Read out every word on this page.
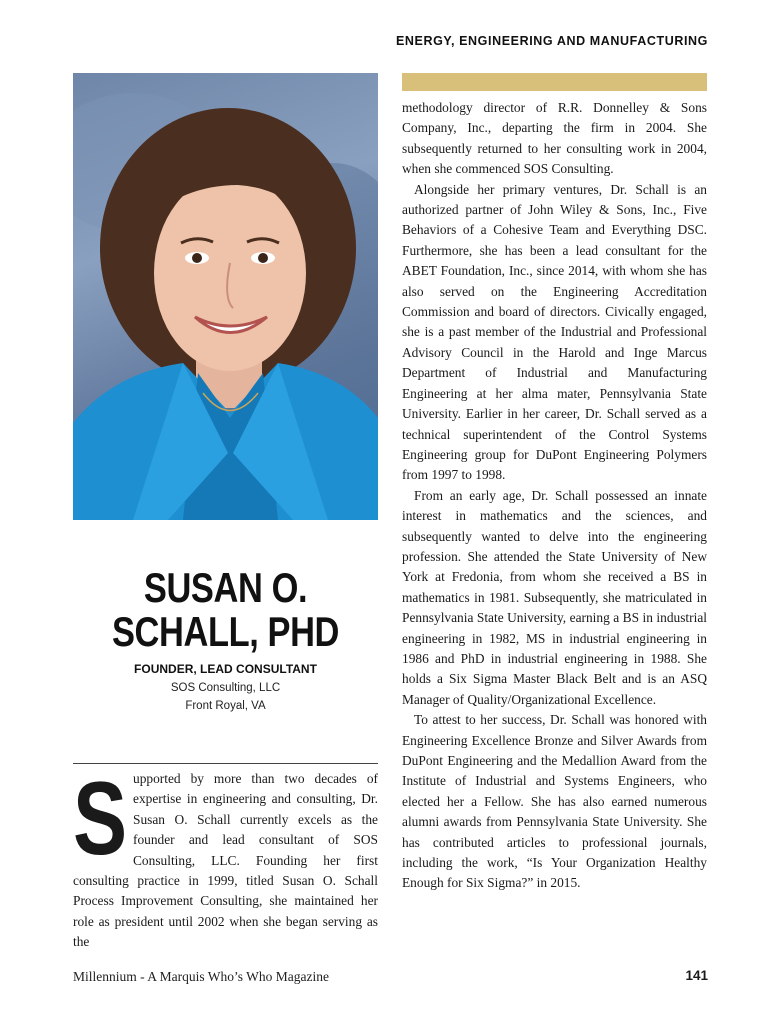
ENERGY, ENGINEERING AND MANUFACTURING
SUSAN O.
SCHALL, PHD
FOUNDER, LEAD CONSULTANT
SOS Consulting, LLC
Front Royal, VA
S upported by more than two decades of expertise in engineering and consulting, Dr. Susan O. Schall currently excels as the founder and lead consultant of SOS Consulting, LLC. Founding her first consulting practice in 1999, titled Susan O. Schall Process Improvement Consulting, she maintained her role as president until 2002 when she began serving as the

methodology director of R.R. Donnelley & Sons Company, Inc., departing the firm in 2004. She subsequently returned to her consulting work in 2004, when she commenced SOS Consulting.

Alongside her primary ventures, Dr. Schall is an authorized partner of John Wiley & Sons, Inc., Five Behaviors of a Cohesive Team and Everything DSC. Furthermore, she has been a lead consultant for the ABET Foundation, Inc., since 2014, with whom she has also served on the Engineering Accreditation Commission and board of directors. Civically engaged, she is a past member of the Industrial and Professional Advisory Council in the Harold and Inge Marcus Department of Industrial and Manufacturing Engineering at her alma mater, Pennsylvania State University. Earlier in her career, Dr. Schall served as a technical superintendent of the Control Systems Engineering group for DuPont Engineering Polymers from 1997 to 1998.

From an early age, Dr. Schall possessed an innate interest in mathematics and the sciences, and subsequently wanted to delve into the engineering profession. She attended the State University of New York at Fredonia, from whom she received a BS in mathematics in 1981. Subsequently, she matriculated in Pennsylvania State University, earning a BS in industrial engineering in 1982, MS in industrial engineering in 1986 and PhD in industrial engineering in 1988. She holds a Six Sigma Master Black Belt and is an ASQ Manager of Quality/Organizational Excellence.

To attest to her success, Dr. Schall was honored with Engineering Excellence Bronze and Silver Awards from DuPont Engineering and the Medallion Award from the Institute of Industrial and Systems Engineers, who elected her a Fellow. She has also earned numerous alumni awards from Pennsylvania State University. She has contributed articles to professional journals, including the work, “Is Your Organization Healthy Enough for Six Sigma?” in 2015.

Millennium - A Marquis Who’s Who Magazine	141
